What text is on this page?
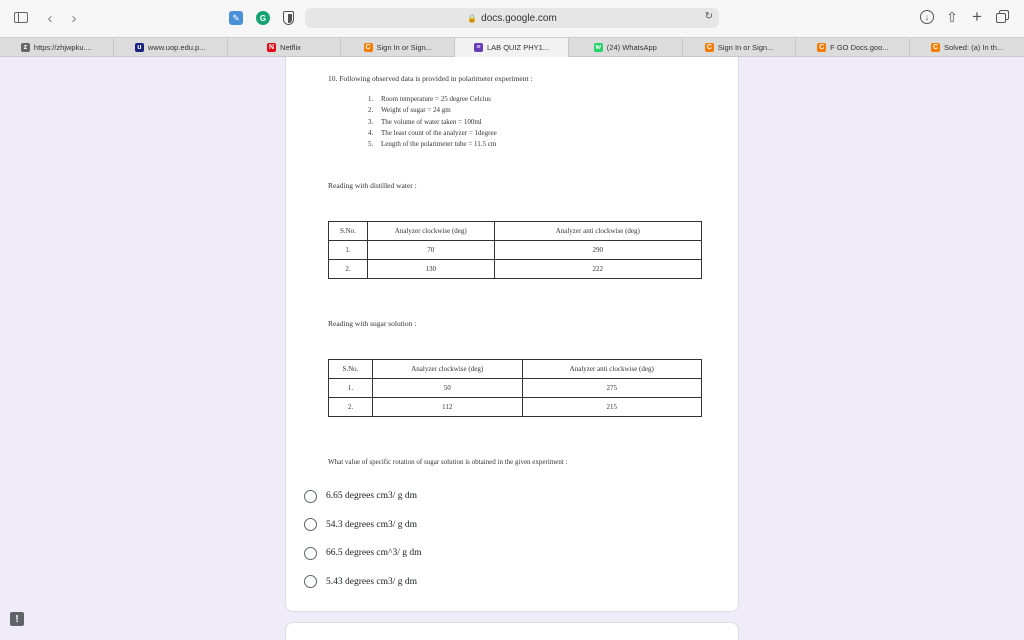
‹ ›	✎	G	🔒 docs.google.com	↻	↓	⇧ +
z https://zhjwpku....	u www.uop.edu.p...	N Netflix	C Sign In or Sign...	≡ LAB QUIZ PHY1...	w (24) WhatsApp	C Sign In or Sign...	C F GO Docs.goo...	C Solved: (a) In th...
10. Following observed data is provided in polarimeter experiment :
1. Room temperature = 25 degree Celcius
2. Weight of sugar = 24 gm
3. The volume of water taken = 100ml
4. The least count of the analyzer = 1degree
5. Length of the polarimeter tube = 11.5 cm
Reading with distilled water :
S.No.	Analyzer clockwise (deg)	Analyzer anti clockwise (deg)
1.	70	290
2.	130	222
Reading with sugar solution :
S.No.	Analyzer clockwise (deg)	Analyzer anti clockwise (deg)
1.	50	275
2.	112	215
What value of specific rotation of sugar solution is obtained in the given experiment :
6.65 degrees cm3/ g dm
54.3 degrees cm3/ g dm
66.5 degrees cm^3/ g dm
5.43 degrees cm3/ g dm
!
